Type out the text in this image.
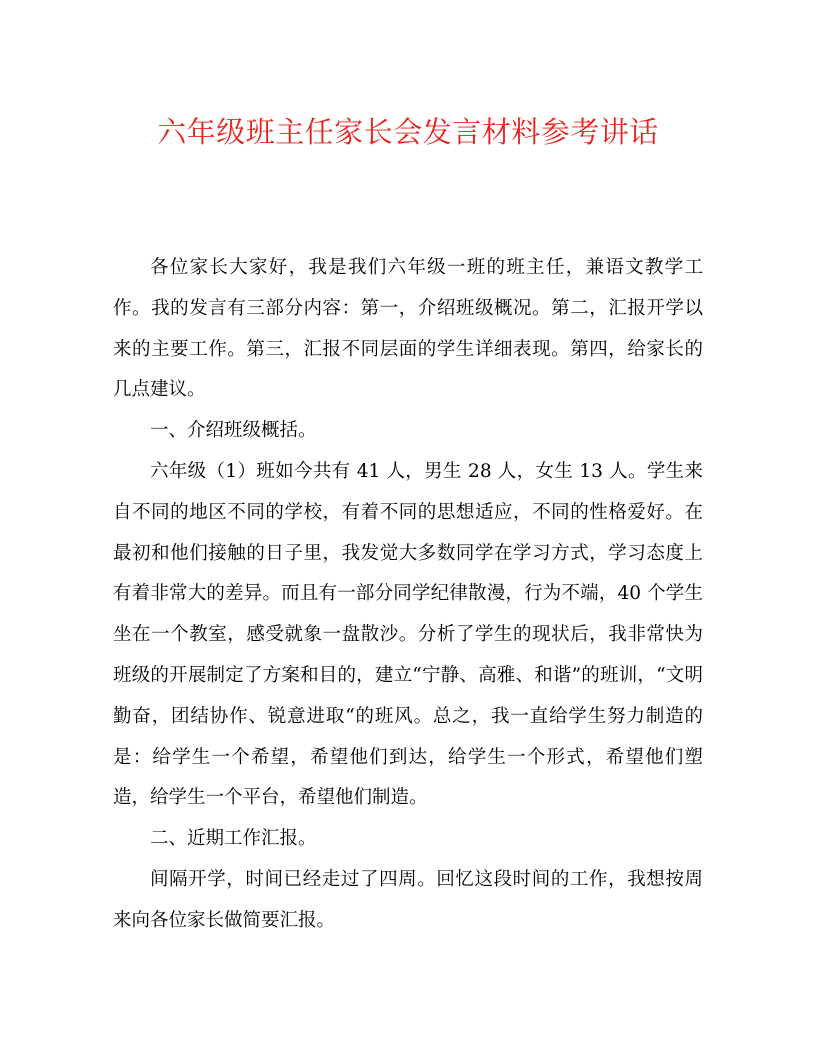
六年级班主任家长会发言材料参考讲话

各位家长大家好，我是我们六年级一班的班主任，兼语文教学工作。我的发言有三部分内容：第一，介绍班级概况。第二，汇报开学以来的主要工作。第三，汇报不同层面的学生详细表现。第四，给家长的几点建议。

一、介绍班级概括。

六年级（1）班如今共有 41 人，男生 28 人，女生 13 人。学生来自不同的地区不同的学校，有着不同的思想适应，不同的性格爱好。在最初和他们接触的日子里，我发觉大多数同学在学习方式，学习态度上有着非常大的差异。而且有一部分同学纪律散漫，行为不端，40 个学生坐在一个教室，感受就象一盘散沙。分析了学生的现状后，我非常快为班级的开展制定了方案和目的，建立“宁静、高雅、和谐”的班训，“文明勤奋，团结协作、锐意进取“的班风。总之，我一直给学生努力制造的是：给学生一个希望，希望他们到达，给学生一个形式，希望他们塑造，给学生一个平台，希望他们制造。

二、近期工作汇报。

间隔开学，时间已经走过了四周。回忆这段时间的工作，我想按周来向各位家长做简要汇报。
